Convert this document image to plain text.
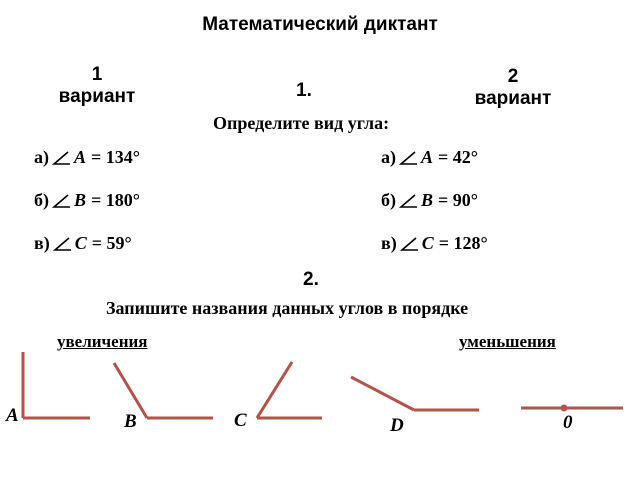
Математический диктант
1
вариант
2
вариант
1.
Определите вид угла:
а) A = 134°
б) B = 180°
в) C = 59°
а) A = 42°
б) B = 90°
в) C = 128°
2.
Запишите названия данных углов в порядке
увеличения	уменьшения
A	B	C	D	0
